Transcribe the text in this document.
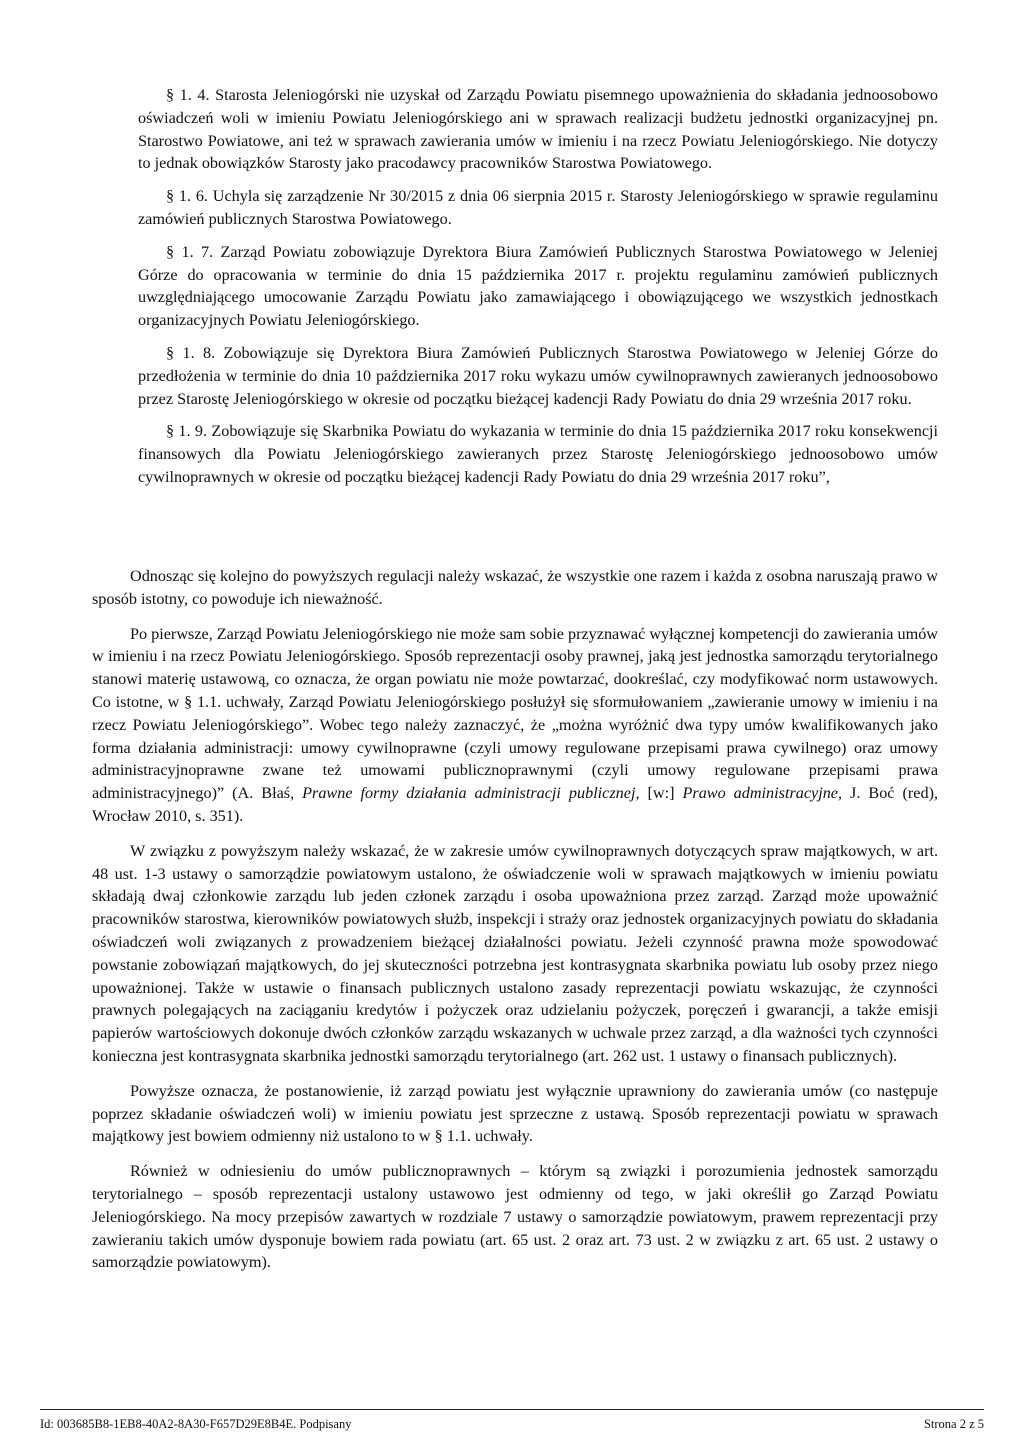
§ 1. 4. Starosta Jeleniogórski nie uzyskał od Zarządu Powiatu pisemnego upoważnienia do składania jednoosobowo oświadczeń woli w imieniu Powiatu Jeleniogórskiego ani w sprawach realizacji budżetu jednostki organizacyjnej pn. Starostwo Powiatowe, ani też w sprawach zawierania umów w imieniu i na rzecz Powiatu Jeleniogórskiego. Nie dotyczy to jednak obowiązków Starosty jako pracodawcy pracowników Starostwa Powiatowego.

§ 1. 6. Uchyla się zarządzenie Nr 30/2015 z dnia 06 sierpnia 2015 r. Starosty Jeleniogórskiego w sprawie regulaminu zamówień publicznych Starostwa Powiatowego.

§ 1. 7. Zarząd Powiatu zobowiązuje Dyrektora Biura Zamówień Publicznych Starostwa Powiatowego w Jeleniej Górze do opracowania w terminie do dnia 15 października 2017 r. projektu regulaminu zamówień publicznych uwzględniającego umocowanie Zarządu Powiatu jako zamawiającego i obowiązującego we wszystkich jednostkach organizacyjnych Powiatu Jeleniogórskiego.

§ 1. 8. Zobowiązuje się Dyrektora Biura Zamówień Publicznych Starostwa Powiatowego w Jeleniej Górze do przedłożenia w terminie do dnia 10 października 2017 roku wykazu umów cywilnoprawnych zawieranych jednoosobowo przez Starostę Jeleniogórskiego w okresie od początku bieżącej kadencji Rady Powiatu do dnia 29 września 2017 roku.

§ 1. 9. Zobowiązuje się Skarbnika Powiatu do wykazania w terminie do dnia 15 października 2017 roku konsekwencji finansowych dla Powiatu Jeleniogórskiego zawieranych przez Starostę Jeleniogórskiego jednoosobowo umów cywilnoprawnych w okresie od początku bieżącej kadencji Rady Powiatu do dnia 29 września 2017 roku”,

Odnosząc się kolejno do powyższych regulacji należy wskazać, że wszystkie one razem i każda z osobna naruszają prawo w sposób istotny, co powoduje ich nieważność.

Po pierwsze, Zarząd Powiatu Jeleniogórskiego nie może sam sobie przyznawać wyłącznej kompetencji do zawierania umów w imieniu i na rzecz Powiatu Jeleniogórskiego. Sposób reprezentacji osoby prawnej, jaką jest jednostka samorządu terytorialnego stanowi materię ustawową, co oznacza, że organ powiatu nie może powtarzać, dookreślać, czy modyfikować norm ustawowych. Co istotne, w § 1.1. uchwały, Zarząd Powiatu Jeleniogórskiego posłużył się sformułowaniem „zawieranie umowy w imieniu i na rzecz Powiatu Jeleniogórskiego”. Wobec tego należy zaznaczyć, że „można wyróżnić dwa typy umów kwalifikowanych jako forma działania administracji: umowy cywilnoprawne (czyli umowy regulowane przepisami prawa cywilnego) oraz umowy administracyjnoprawne zwane też umowami publicznoprawnymi (czyli umowy regulowane przepisami prawa administracyjnego)” (A. Błaś, Prawne formy działania administracji publicznej, [w:] Prawo administracyjne, J. Boć (red), Wrocław 2010, s. 351).

W związku z powyższym należy wskazać, że w zakresie umów cywilnoprawnych dotyczących spraw majątkowych, w art. 48 ust. 1-3 ustawy o samorządzie powiatowym ustalono, że oświadczenie woli w sprawach majątkowych w imieniu powiatu składają dwaj członkowie zarządu lub jeden członek zarządu i osoba upoważniona przez zarząd. Zarząd może upoważnić pracowników starostwa, kierowników powiatowych służb, inspekcji i straży oraz jednostek organizacyjnych powiatu do składania oświadczeń woli związanych z prowadzeniem bieżącej działalności powiatu. Jeżeli czynność prawna może spowodować powstanie zobowiązań majątkowych, do jej skuteczności potrzebna jest kontrasygnata skarbnika powiatu lub osoby przez niego upoważnionej. Także w ustawie o finansach publicznych ustalono zasady reprezentacji powiatu wskazując, że czynności prawnych polegających na zaciąganiu kredytów i pożyczek oraz udzielaniu pożyczek, poręczeń i gwarancji, a także emisji papierów wartościowych dokonuje dwóch członków zarządu wskazanych w uchwale przez zarząd, a dla ważności tych czynności konieczna jest kontrasygnata skarbnika jednostki samorządu terytorialnego (art. 262 ust. 1 ustawy o finansach publicznych).

Powyższe oznacza, że postanowienie, iż zarząd powiatu jest wyłącznie uprawniony do zawierania umów (co następuje poprzez składanie oświadczeń woli) w imieniu powiatu jest sprzeczne z ustawą. Sposób reprezentacji powiatu w sprawach majątkowy jest bowiem odmienny niż ustalono to w § 1.1. uchwały.

Również w odniesieniu do umów publicznoprawnych – którym są związki i porozumienia jednostek samorządu terytorialnego – sposób reprezentacji ustalony ustawowo jest odmienny od tego, w jaki określił go Zarząd Powiatu Jeleniogórskiego. Na mocy przepisów zawartych w rozdziale 7 ustawy o samorządzie powiatowym, prawem reprezentacji przy zawieraniu takich umów dysponuje bowiem rada powiatu (art. 65 ust. 2 oraz art. 73 ust. 2 w związku z art. 65 ust. 2 ustawy o samorządzie powiatowym).

Id: 003685B8-1EB8-40A2-8A30-F657D29E8B4E. Podpisany	Strona 2 z 5
